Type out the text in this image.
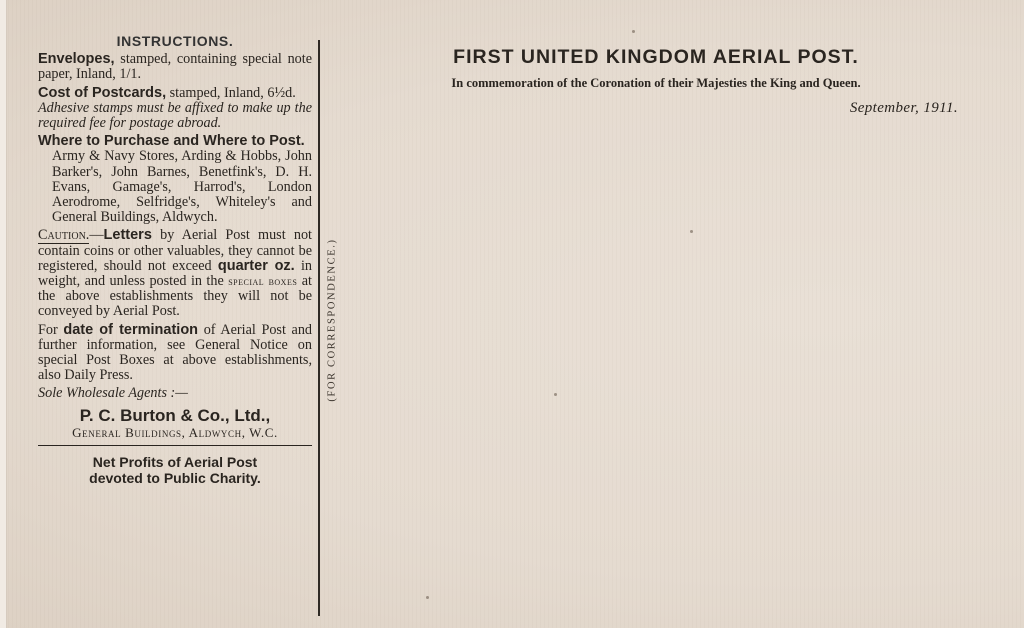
INSTRUCTIONS.
Envelopes, stamped, containing special note paper, Inland, 1/1.
Cost of Postcards, stamped, Inland, 6½d.
Adhesive stamps must be affixed to make up the required fee for postage abroad.
Where to Purchase and Where to Post.
Army & Navy Stores, Arding & Hobbs, John Barker's, John Barnes, Benetfink's, D. H. Evans, Gamage's, Harrod's, London Aerodrome, Selfridge's, Whiteley's and General Buildings, Aldwych.
Caution.—Letters by Aerial Post must not contain coins or other valuables, they cannot be registered, should not exceed quarter oz. in weight, and unless posted in the special boxes at the above establishments they will not be conveyed by Aerial Post.
For date of termination of Aerial Post and further information, see General Notice on special Post Boxes at above establishments, also Daily Press.
Sole Wholesale Agents :—
P. C. Burton & Co., Ltd.,
General Buildings, Aldwych, W.C.
Net Profits of Aerial Post
devoted to Public Charity.
(FOR CORRESPONDENCE.)
FIRST UNITED KINGDOM AERIAL POST.
In commemoration of the Coronation of their Majesties the King and Queen.
September, 1911.
